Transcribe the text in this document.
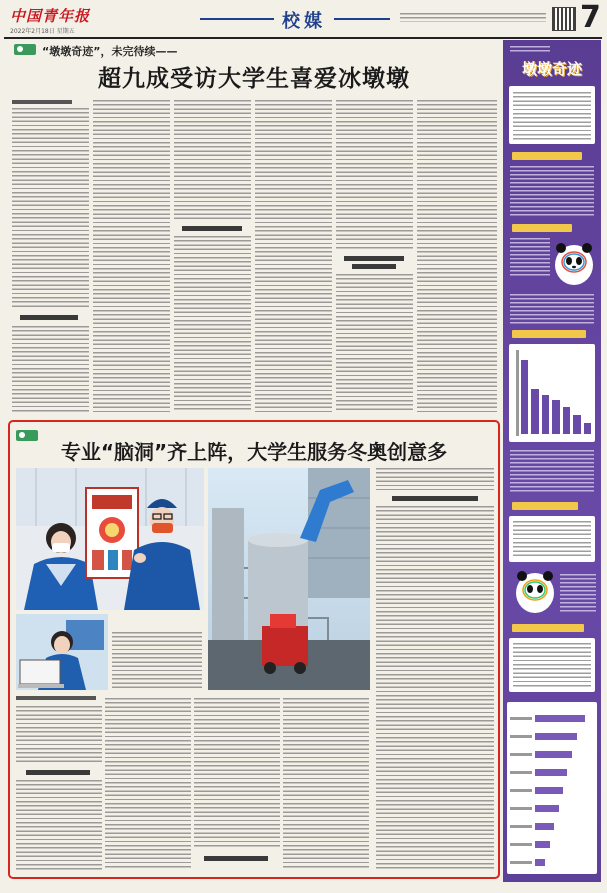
中国青年报
2022年2月18日 星期五	校媒	7
“墩墩奇迹”，未完待续——
超九成受访大学生喜爱冰墩墩
专业“脑洞”齐上阵，大学生服务冬奥创意多
墩墩奇迹
